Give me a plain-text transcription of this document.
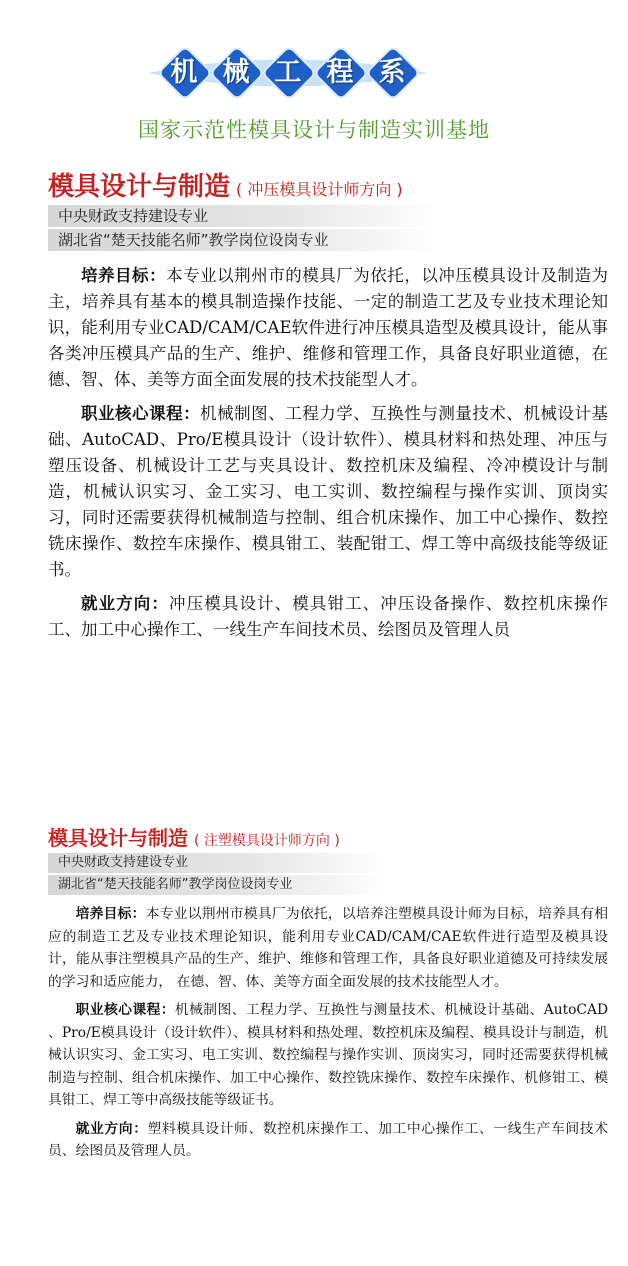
机 械 工 程 系
国家示范性模具设计与制造实训基地
模具设计与制造 ( 冲压模具设计师方向 )
中央财政支持建设专业
湖北省“楚天技能名师”教学岗位设岗专业

培养目标：本专业以荆州市的模具厂为依托，以冲压模具设计及制造为主，培养具有基本的模具制造操作技能、一定的制造工艺及专业技术理论知识，能利用专业CAD/CAM/CAE软件进行冲压模具造型及模具设计，能从事各类冲压模具产品的生产、维护、维修和管理工作，具备良好职业道德，在德、智、体、美等方面全面发展的技术技能型人才。

职业核心课程：机械制图、工程力学、互换性与测量技术、机械设计基础、AutoCAD、Pro/E模具设计（设计软件）、模具材料和热处理、冲压与塑压设备、机械设计工艺与夹具设计、数控机床及编程、冷冲模设计与制造，机械认识实习、金工实习、电工实训、数控编程与操作实训、顶岗实习，同时还需要获得机械制造与控制、组合机床操作、加工中心操作、数控铣床操作、数控车床操作、模具钳工、装配钳工、焊工等中高级技能等级证书。

就业方向：冲压模具设计、模具钳工、冲压设备操作、数控机床操作工、加工中心操作工、一线生产车间技术员、绘图员及管理人员

模具设计与制造 ( 注塑模具设计师方向 )
中央财政支持建设专业
湖北省“楚天技能名师”教学岗位设岗专业

培养目标：本专业以荆州市模具厂为依托，以培养注塑模具设计师为目标，培养具有相应的制造工艺及专业技术理论知识，能利用专业CAD/CAM/CAE软件进行造型及模具设计，能从事注塑模具产品的生产、维护、维修和管理工作，具备良好职业道德及可持续发展的学习和适应能力， 在德、智、体、美等方面全面发展的技术技能型人才。

职业核心课程：机械制图、工程力学、互换性与测量技术、机械设计基础、AutoCAD 、Pro/E模具设计（设计软件）、模具材料和热处理、数控机床及编程、模具设计与制造，机械认识实习、金工实习、电工实训、数控编程与操作实训、顶岗实习，同时还需要获得机械制造与控制、组合机床操作、加工中心操作、数控铣床操作、数控车床操作、机修钳工、模具钳工、焊工等中高级技能等级证书。

就业方向：塑料模具设计师、数控机床操作工、加工中心操作工、一线生产车间技术员、绘图员及管理人员。
